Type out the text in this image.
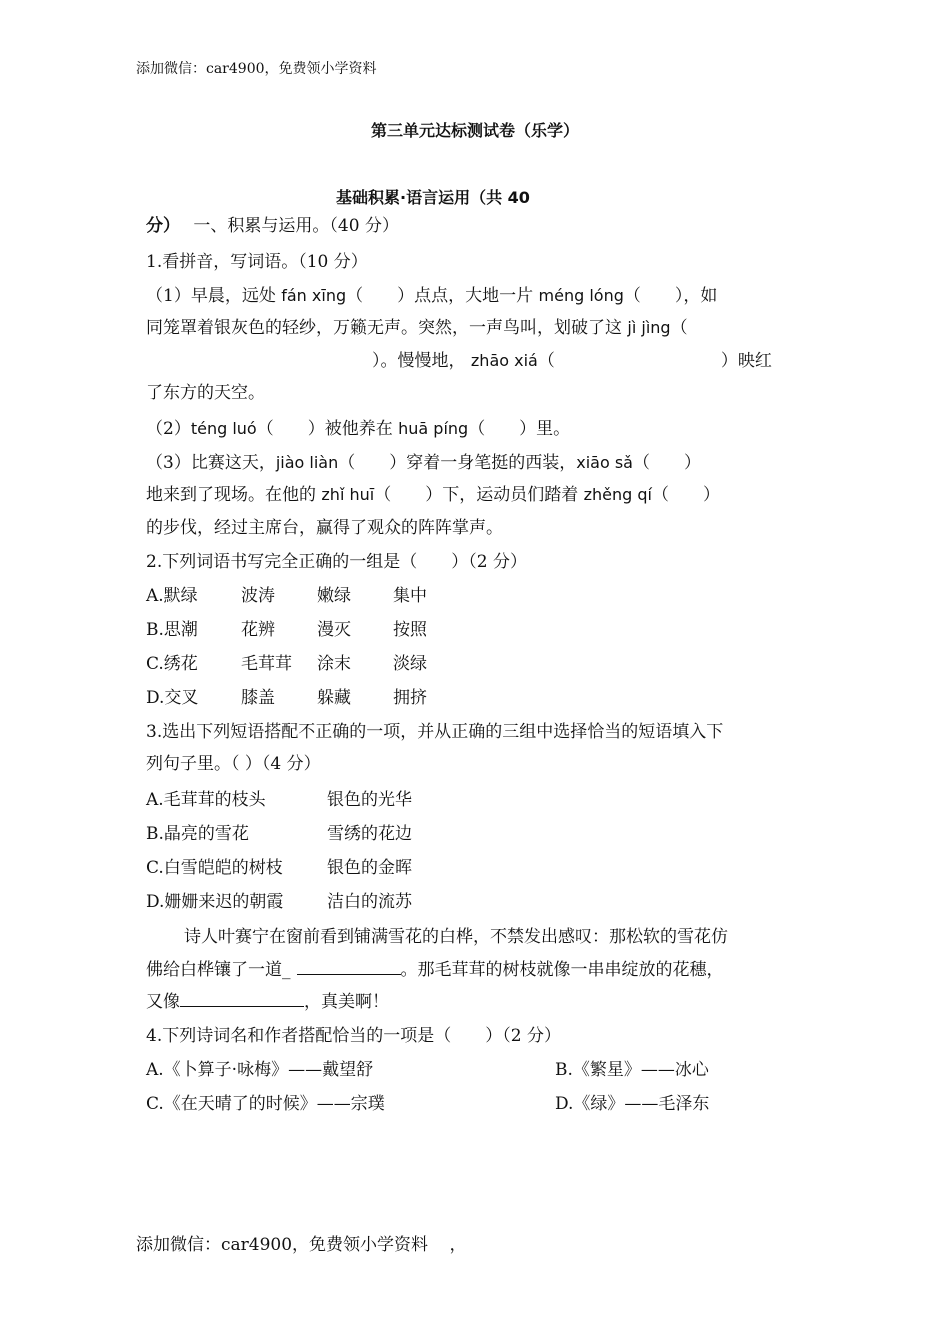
添加微信：car4900，免费领小学资料
第三单元达标测试卷（乐学）
基础积累·语言运用（共 40
分） 一、积累与运用。（40 分）
1.看拼音，写词语。（10 分）
（1）早晨，远处 fán xīng（　　）点点，大地一片 méng lóng（　　），如
同笼罩着银灰色的轻纱，万籁无声。突然，一声鸟叫，划破了这 jì jìng（
）。慢慢地， zhāo xiá（	）映红
了东方的天空。
（2）téng luó（　　）被他养在 huā píng（　　）里。
（3）比赛这天，jiào liàn（　　）穿着一身笔挺的西装，xiāo sǎ（　　）
地来到了现场。在他的 zhǐ huī（　　）下，运动员们踏着 zhěng qí（　　）
的步伐，经过主席台，赢得了观众的阵阵掌声。
2.下列词语书写完全正确的一组是（　　）（2 分）
A.默绿	波涛 嫩绿 集中
B.思潮	花辨 漫灭 按照
C.绣花	毛茸茸 涂末 淡绿
D.交叉	膝盖 躲藏 拥挤
3.选出下列短语搭配不正确的一项，并从正确的三组中选择恰当的短语填入下
列句子里。（ ）（4 分）
A.毛茸茸的枝头	银色的光华
B.晶亮的雪花	雪绣的花边
C.白雪皑皑的树枝	银色的金晖
D.姗姗来迟的朝霞	洁白的流苏
诗人叶赛宁在窗前看到铺满雪花的白桦，不禁发出感叹：那松软的雪花仿
佛给白桦镶了一道_	。那毛茸茸的树枝就像一串串绽放的花穗，
又像	，真美啊！
4.下列诗词名和作者搭配恰当的一项是（　　）（2 分）
A.《卜算子·咏梅》——戴望舒	B.《繁星》——冰心
C.《在天晴了的时候》——宗璞	D.《绿》——毛泽东
添加微信：car4900，免费领小学资料 ，
